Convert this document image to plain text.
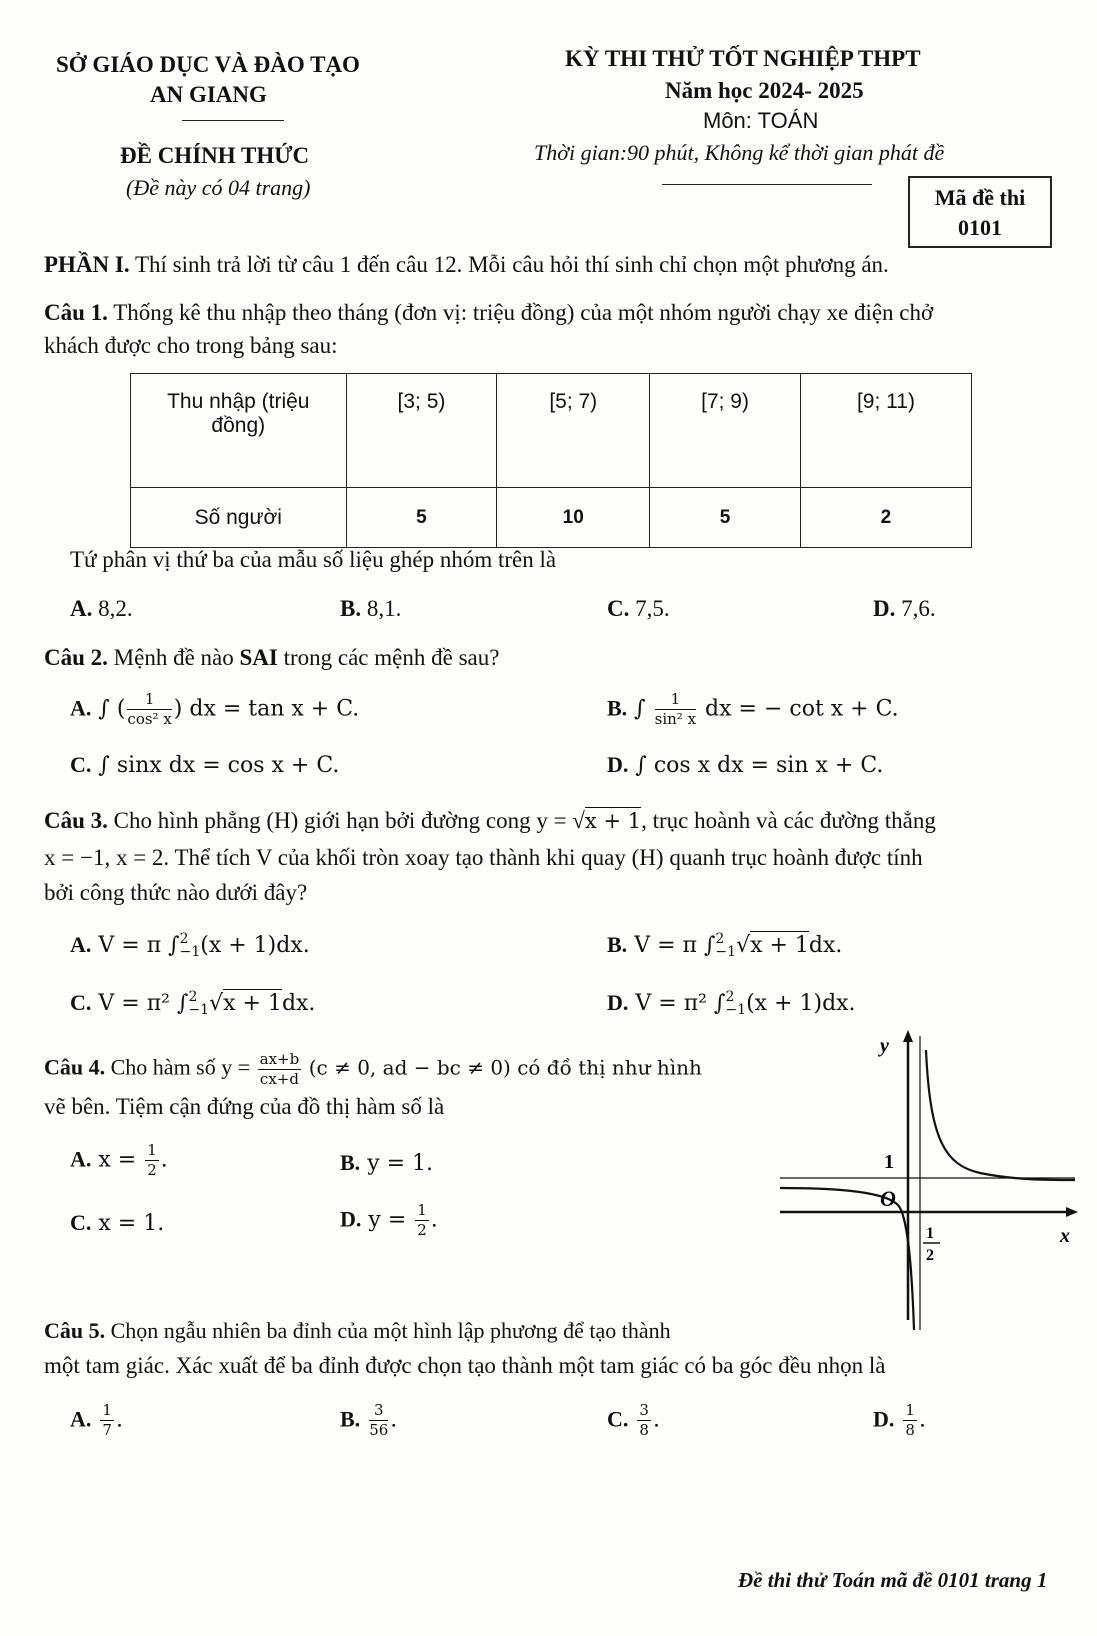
SỞ GIÁO DỤC VÀ ĐÀO TẠO
AN GIANG
ĐỀ CHÍNH THỨC
(Đề này có 04 trang)
KỲ THI THỬ TỐT NGHIỆP THPT
Năm học 2024- 2025
Môn: TOÁN
Thời gian:90 phút, Không kể thời gian phát đề
Mã đề thi
0101
PHẦN I. Thí sinh trả lời từ câu 1 đến câu 12. Mỗi câu hỏi thí sinh chỉ chọn một phương án.
Câu 1. Thống kê thu nhập theo tháng (đơn vị: triệu đồng) của một nhóm người chạy xe điện chở
khách được cho trong bảng sau:
Thu nhập (triệu
đồng)	[3; 5)	[5; 7)	[7; 9)	[9; 11)
Số người	5	10	5	2
Tứ phân vị thứ ba của mẫu số liệu ghép nhóm trên là
A. 8,2.	B. 8,1.	C. 7,5.	D. 7,6.
Câu 2. Mệnh đề nào SAI trong các mệnh đề sau?
A. ∫ ( $\frac{1}{\text{cos² x}}$ ) dx = tan x + C.	B. ∫ $\frac{1}{\text{sin² x}}$ dx = − cot x + C.
C. ∫ sinx dx = cos x + C.	D. ∫ cos x dx = sin x + C.
Câu 3. Cho hình phẳng (H) giới hạn bởi đường cong y = √x + 1, trục hoành và các đường thẳng
x = −1, x = 2. Thể tích V của khối tròn xoay tạo thành khi quay (H) quanh trục hoành được tính
bởi công thức nào dưới đây?
A. V = π ∫2
−1(x + 1)dx.	B. V = π ∫2
−1√x + 1dx.
C. V = π² ∫2
−1√x + 1dx.	D. V = π² ∫2
−1(x + 1)dx.
Câu 4. Cho hàm số $y = \frac{ax+b}{cx+d} (c \ne 0$, ad − bc ≠ 0) có đồ thị như hình
vẽ bên. Tiệm cận đứng của đồ thị hàm số là
A. $x = \frac{1}{2}$ .	B. y = 1.
C. x = 1.	D. $y = \frac{1}{2}$ .
y
x
O
1
1
2
Câu 5. Chọn ngẫu nhiên ba đỉnh của một hình lập phương để tạo thành
một tam giác. Xác xuất để ba đỉnh được chọn tạo thành một tam giác có ba góc đều nhọn là
A. $\frac{1}{7}$ .	B. $\frac{3}{56}$ .	C. $\frac{3}{8}$ .	D. $\frac{1}{8}$ .
Đề thi thử Toán mã đề 0101 trang 1
